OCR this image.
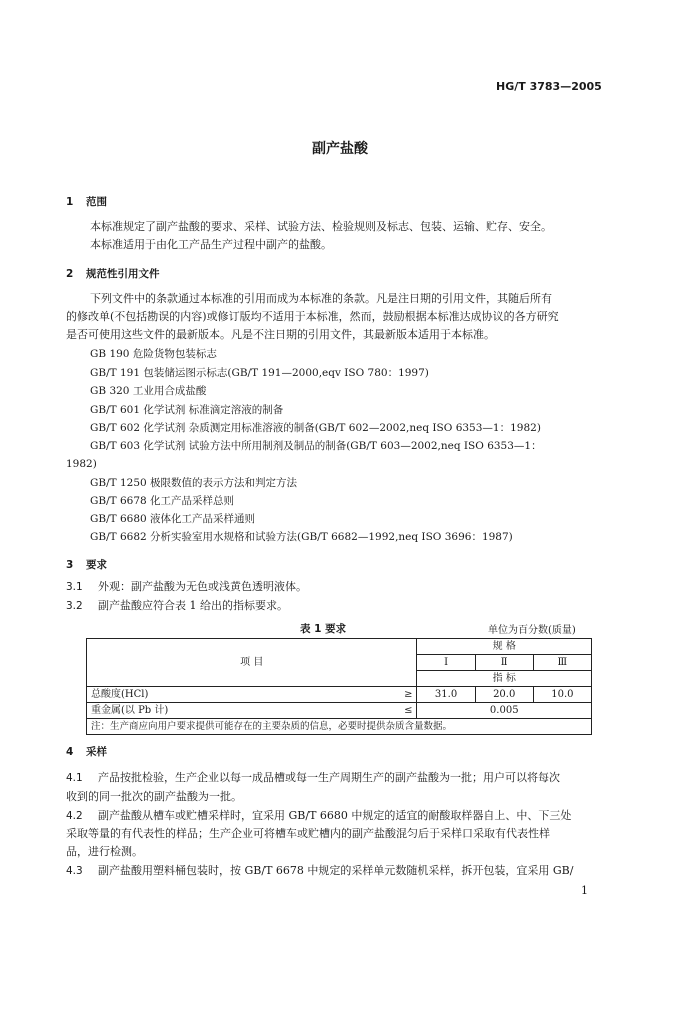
HG/T 3783—2005
副产盐酸
1 范围
本标准规定了副产盐酸的要求、采样、试验方法、检验规则及标志、包装、运输、贮存、安全。
本标准适用于由化工产品生产过程中副产的盐酸。
2 规范性引用文件
下列文件中的条款通过本标准的引用而成为本标准的条款。凡是注日期的引用文件，其随后所有
的修改单(不包括勘误的内容)或修订版均不适用于本标准，然而，鼓励根据本标准达成协议的各方研究
是否可使用这些文件的最新版本。凡是不注日期的引用文件，其最新版本适用于本标准。
GB 190 危险货物包装标志
GB/T 191 包装储运图示标志(GB/T 191—2000,eqv ISO 780：1997)
GB 320 工业用合成盐酸
GB/T 601 化学试剂 标准滴定溶液的制备
GB/T 602 化学试剂 杂质测定用标准溶液的制备(GB/T 602—2002,neq ISO 6353—1：1982)
GB/T 603 化学试剂 试验方法中所用制剂及制品的制备(GB/T 603—2002,neq ISO 6353—1：
1982)
GB/T 1250 极限数值的表示方法和判定方法
GB/T 6678 化工产品采样总则
GB/T 6680 液体化工产品采样通则
GB/T 6682 分析实验室用水规格和试验方法(GB/T 6682—1992,neq ISO 3696：1987)
3 要求
3.1 外观：副产盐酸为无色或浅黄色透明液体。
3.2 副产盐酸应符合表 1 给出的指标要求。
表 1 要求	单位为百分数(质量)
项 目		规 格		
		Ⅰ	Ⅱ	Ⅲ
		指 标		
总酸度(HCl)	≥	31.0	20.0	10.0
重金属(以 Pb 计)	≤	0.005		
注：生产商应向用户要求提供可能存在的主要杂质的信息，必要时提供杂质含量数据。				
4 采样
4.1 产品按批检验，生产企业以每一成品槽或每一生产周期生产的副产盐酸为一批；用户可以将每次
收到的同一批次的副产盐酸为一批。
4.2 副产盐酸从槽车或贮槽采样时，宜采用 GB/T 6680 中规定的适宜的耐酸取样器自上、中、下三处
采取等量的有代表性的样品；生产企业可将槽车或贮槽内的副产盐酸混匀后于采样口采取有代表性样
品，进行检测。
4.3 副产盐酸用塑料桶包装时，按 GB/T 6678 中规定的采样单元数随机采样，拆开包装，宜采用 GB/
1
